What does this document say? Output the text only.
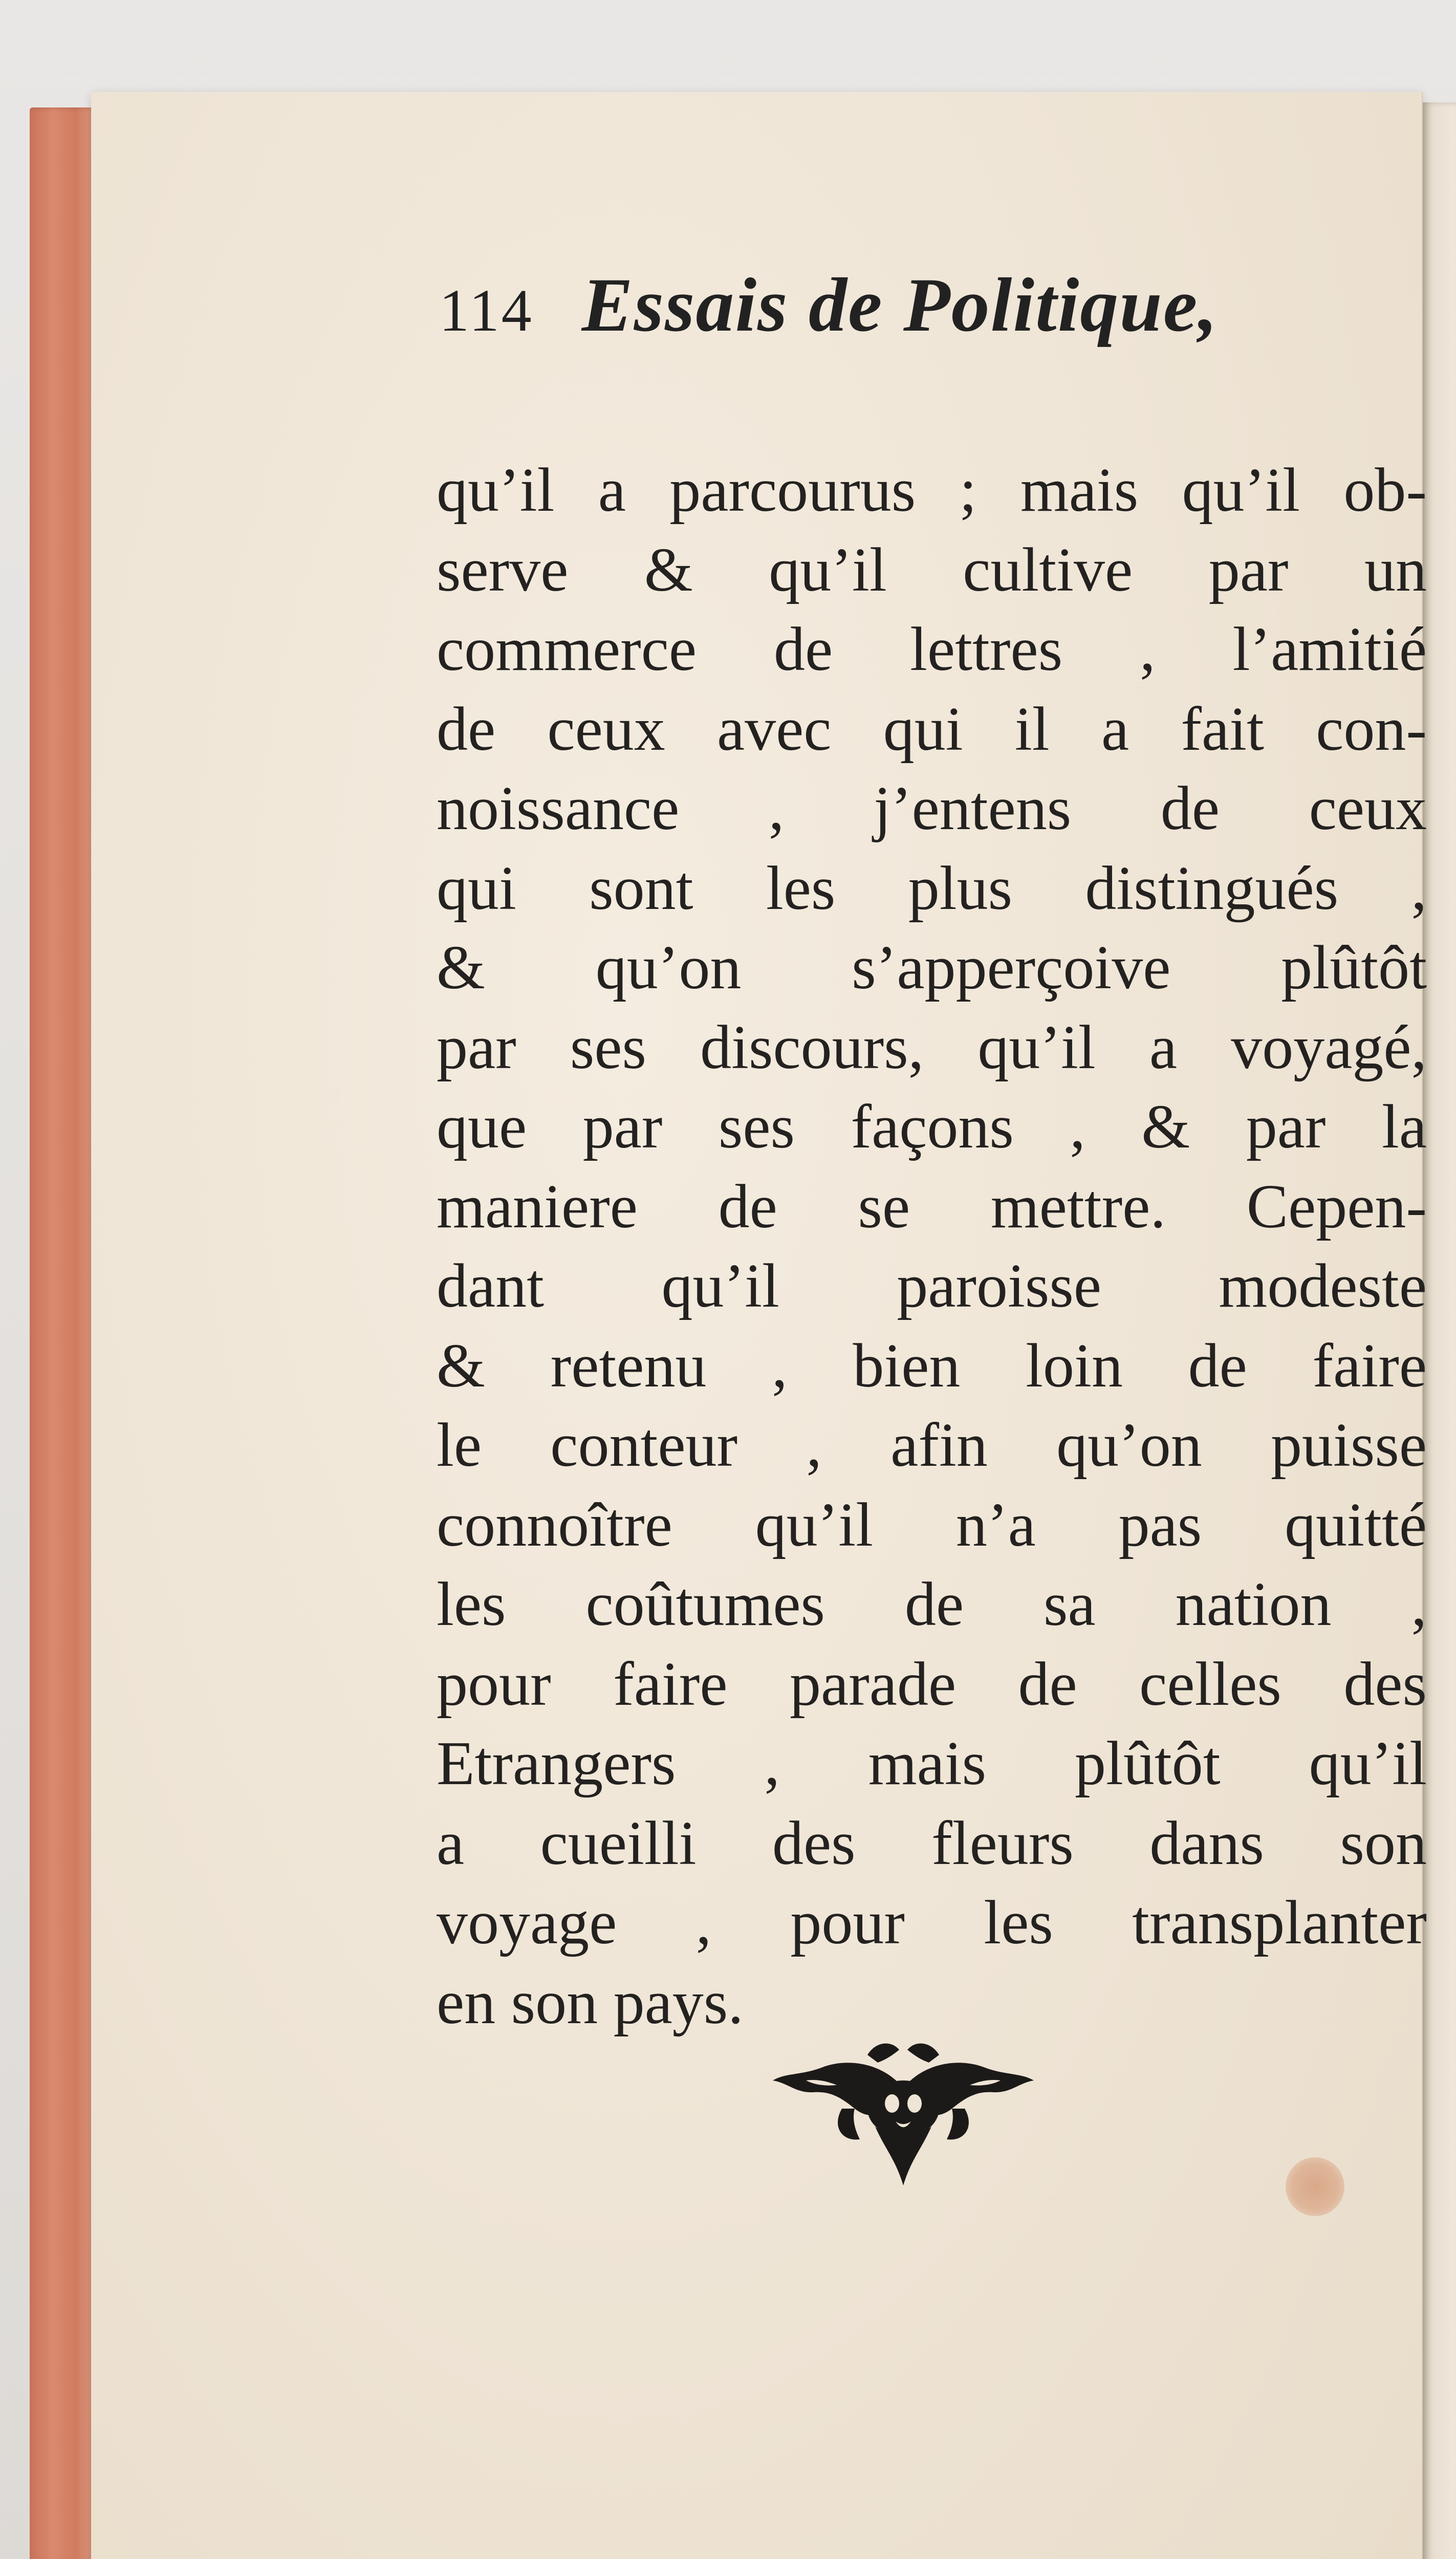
114 Essais de Politique,

qu’il a parcourus ; mais qu’il ob-
serve & qu’il cultive par un
commerce de lettres , l’amitié
de ceux avec qui il a fait con-
noissance , j’entens de ceux
qui sont les plus distingués ,
& qu’on s’apperçoive plûtôt
par ses discours, qu’il a voyagé,
que par ses façons , & par la
maniere de se mettre. Cepen-
dant qu’il paroisse modeste
& retenu , bien loin de faire
le conteur , afin qu’on puisse
connoître qu’il n’a pas quitté
les coûtumes de sa nation ,
pour faire parade de celles des
Etrangers , mais plûtôt qu’il
a cueilli des fleurs dans son
voyage , pour les transplanter
en son pays.
